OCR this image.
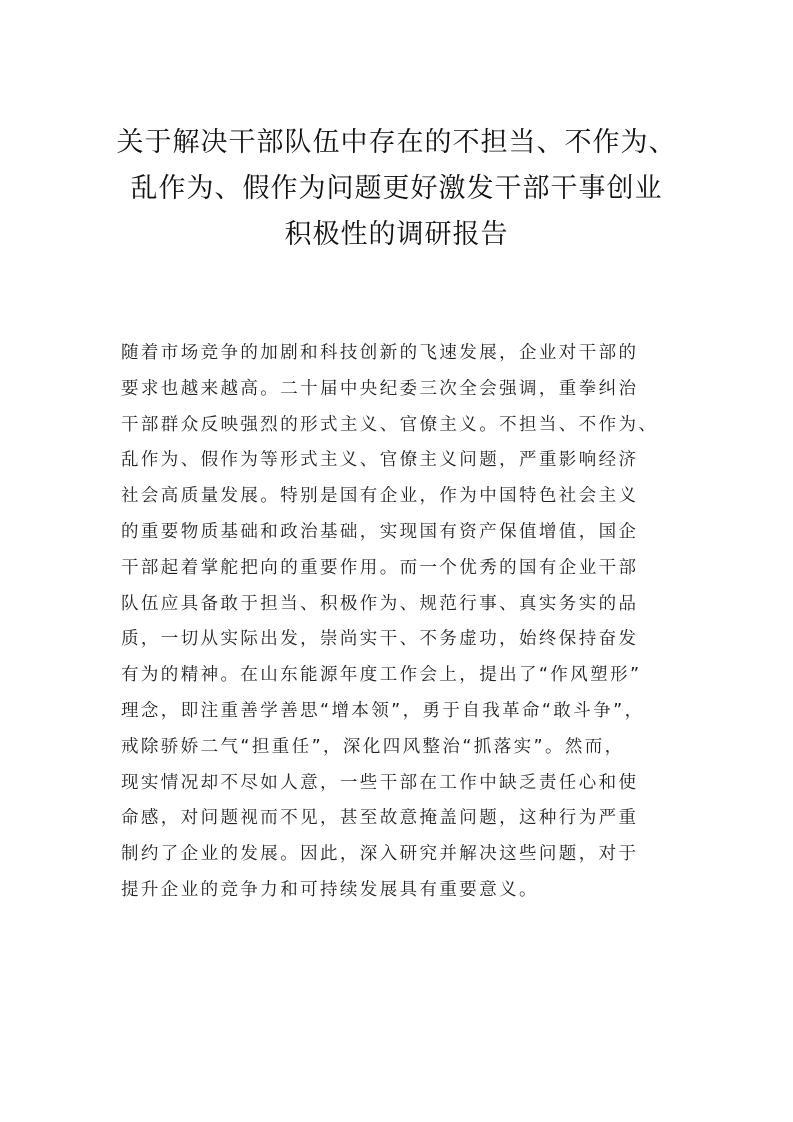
关于解决干部队伍中存在的不担当、不作为、
乱作为、假作为问题更好激发干部干事创业
积极性的调研报告
随着市场竞争的加剧和科技创新的飞速发展，企业对干部的
要求也越来越高。二十届中央纪委三次全会强调，重拳纠治
干部群众反映强烈的形式主义、官僚主义。不担当、不作为、
乱作为、假作为等形式主义、官僚主义问题，严重影响经济
社会高质量发展。特别是国有企业，作为中国特色社会主义
的重要物质基础和政治基础，实现国有资产保值增值，国企
干部起着掌舵把向的重要作用。而一个优秀的国有企业干部
队伍应具备敢于担当、积极作为、规范行事、真实务实的品
质，一切从实际出发，崇尚实干、不务虚功，始终保持奋发
有为的精神。在山东能源年度工作会上，提出了“作风塑形”
理念，即注重善学善思“增本领”，勇于自我革命“敢斗争”，
戒除骄娇二气“担重任”，深化四风整治“抓落实”。然而，
现实情况却不尽如人意，一些干部在工作中缺乏责任心和使
命感，对问题视而不见，甚至故意掩盖问题，这种行为严重
制约了企业的发展。因此，深入研究并解决这些问题，对于
提升企业的竞争力和可持续发展具有重要意义。
